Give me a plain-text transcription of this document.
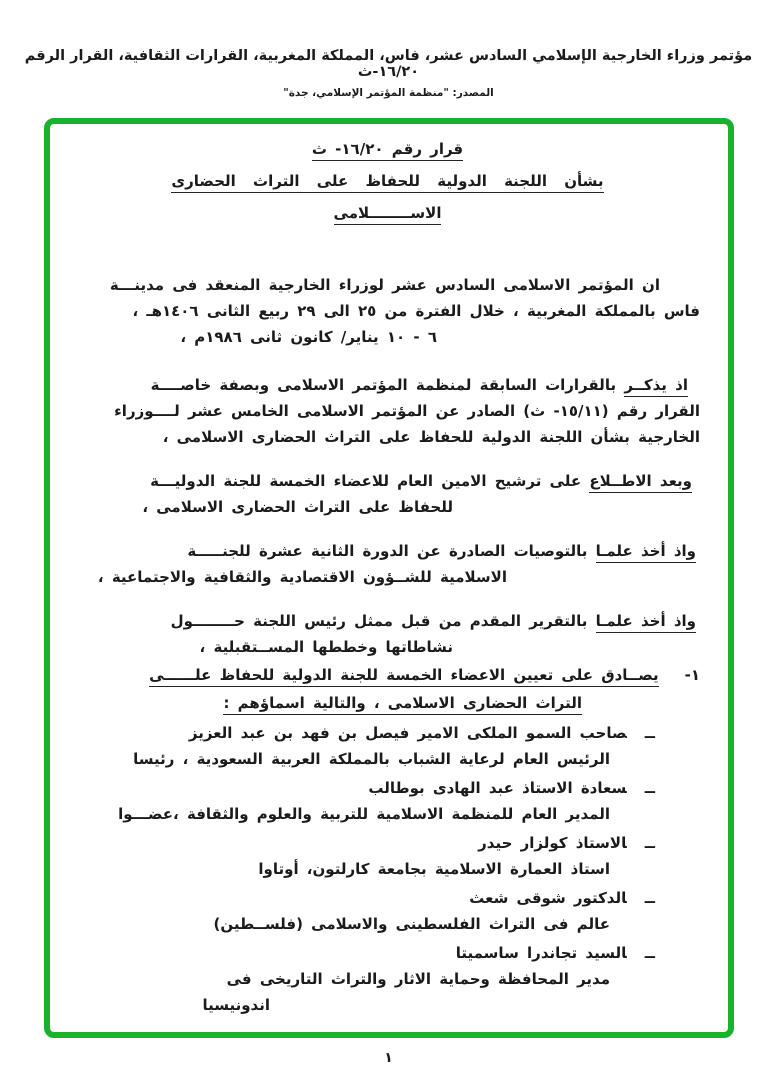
مؤتمر وزراء الخارجية الإسلامي السادس عشر، فاس، المملكة المغربية، القرارات الثقافية، القرار الرقم ١٦/٢٠-ث
المصدر: "منظمة المؤتمر الإسلامي، جدة"
قرار رقم ١٦/٢٠- ث
بشأن اللجنة الدولية للحفاظ على التراث الحضارى
الاســــــــلامى
ان المؤتمر الاسلامى السادس عشر لوزراء الخارجية المنعقد فى مدينـــة
فاس بالمملكة المغربية ، خلال الفترة من ٢٥ الى ٢٩ ربيع الثانى ١٤٠٦هـ ،
٦ - ١٠ يناير/ كانون ثانى ١٩٨٦م ،
اذ يذكــر بالقرارات السابقة لمنظمة المؤتمر الاسلامى وبصفة خاصــــة
القرار رقم (١٥/١١- ث) الصادر عن المؤتمر الاسلامى الخامس عشر لــــوزراء
الخارجية بشأن اللجنة الدولية للحفاظ على التراث الحضارى الاسلامى ،
وبعد الاطــلاع على ترشيح الامين العام للاعضاء الخمسة للجنة الدوليـــة
للحفاظ على التراث الحضارى الاسلامى ،
واذ أخذ علمـا بالتوصيات الصادرة عن الدورة الثانية عشرة للجنـــــة
الاسلامية للشــؤون الاقتصادية والثقافية والاجتماعية ،
واذ أخذ علمـا بالتقرير المقدم من قبل ممثل رئيس اللجنة حــــــــول
نشاطاتها وخططها المســتقبلية ،
١-يصــادق على تعيين الاعضاء الخمسة للجنة الدولية للحفاظ علــــــى
التراث الحضارى الاسلامى ، والتالية اسماؤهم :
ــصاحب السمو الملكى الامير فيصل بن فهد بن عبد العزيز
الرئيس العام لرعاية الشباب بالمملكة العربية السعودية ، رئيسا
ــسعادة الاستاذ عبد الهادى بوطالب
المدير العام للمنظمة الاسلامية للتربية والعلوم والثقافة ،عضـــوا
ــالاستاذ كولزار حيدر
استاذ العمارة الاسلامية بجامعة كارلتون، أوتاوا
ــالدكتور شوقى شعث
عالم فى التراث الفلسطينى والاسلامى (فلســطين)
ــالسيد تجاندرا ساسميتا
مدير المحافظة وحماية الاثار والتراث التاريخى فى
اندونيسيا
١
